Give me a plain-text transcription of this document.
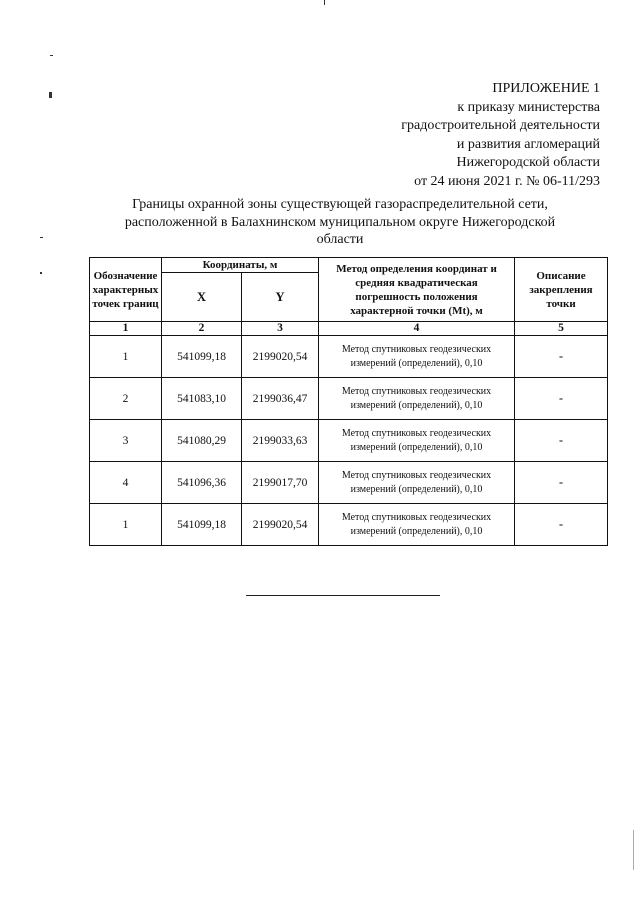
ПРИЛОЖЕНИЕ 1
к приказу министерства
градостроительной деятельности
и развития агломераций
Нижегородской области
от 24 июня 2021 г. № 06-11/293
Границы охранной зоны существующей газораспределительной сети,
расположенной в Балахнинском муниципальном округе Нижегородской
области
Обозначение характерных точек границ	Координаты, м		Метод определения координат и средняя квадратическая погрешность положения характерной точки (Mt), м	Описание закрепления точки
	X	Y		
1	2	3	4	5
1	541099,18	2199020,54	Метод спутниковых геодезических измерений (определений), 0,10	-
2	541083,10	2199036,47	Метод спутниковых геодезических измерений (определений), 0,10	-
3	541080,29	2199033,63	Метод спутниковых геодезических измерений (определений), 0,10	-
4	541096,36	2199017,70	Метод спутниковых геодезических измерений (определений), 0,10	-
1	541099,18	2199020,54	Метод спутниковых геодезических измерений (определений), 0,10	-
